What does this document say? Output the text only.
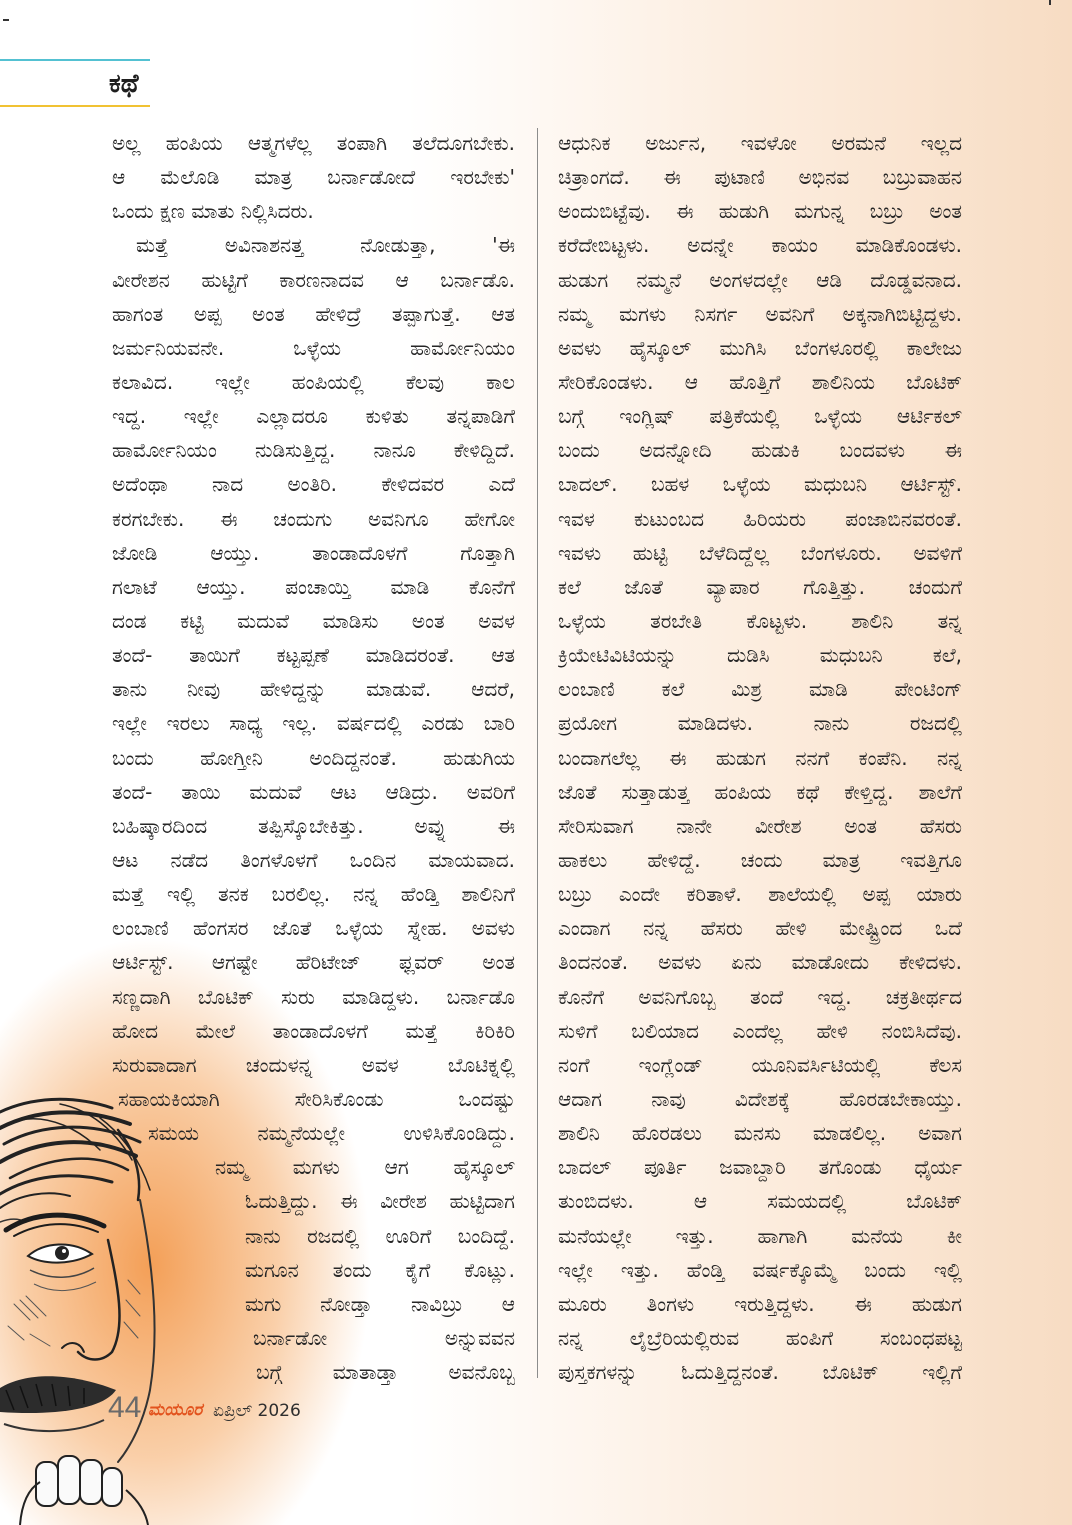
ಕಥೆ
ಅಲ್ಲ ಹಂಪಿಯ ಆತ್ಮಗಳೆಲ್ಲ ತಂಪಾಗಿ ತಲೆದೂಗಬೇಕು.
ಆ ಮೆಲೊಡಿ ಮಾತ್ರ ಬರ್ನಾಡೋದೆ ಇರಬೇಕು'
ಒಂದು ಕ್ಷಣ ಮಾತು ನಿಲ್ಲಿಸಿದರು.
ಮತ್ತೆ ಅವಿನಾಶನತ್ತ ನೋಡುತ್ತಾ, 'ಈ
ವೀರೇಶನ ಹುಟ್ಟಿಗೆ ಕಾರಣನಾದವ ಆ ಬರ್ನಾಡೊ.
ಹಾಗಂತ ಅಪ್ಪ ಅಂತ ಹೇಳಿದ್ರೆ ತಪ್ಪಾಗುತ್ತೆ. ಆತ
ಜರ್ಮನಿಯವನೇ. ಒಳ್ಳೆಯ ಹಾರ್ಮೋನಿಯಂ
ಕಲಾವಿದ. ಇಲ್ಲೇ ಹಂಪಿಯಲ್ಲಿ ಕೆಲವು ಕಾಲ
ಇದ್ದ. ಇಲ್ಲೇ ಎಲ್ಲಾದರೂ ಕುಳಿತು ತನ್ನಪಾಡಿಗೆ
ಹಾರ್ಮೋನಿಯಂ ನುಡಿಸುತ್ತಿದ್ದ. ನಾನೂ ಕೇಳಿದ್ದಿದೆ.
ಅದೆಂಥಾ ನಾದ ಅಂತಿರಿ. ಕೇಳಿದವರ ಎದೆ
ಕರಗಬೇಕು. ಈ ಚಂದುಗು ಅವನಿಗೂ ಹೇಗೋ
ಜೋಡಿ ಆಯ್ತು. ತಾಂಡಾದೊಳಗೆ ಗೊತ್ತಾಗಿ
ಗಲಾಟೆ ಆಯ್ತು. ಪಂಚಾಯ್ತಿ ಮಾಡಿ ಕೊನೆಗೆ
ದಂಡ ಕಟ್ಟಿ ಮದುವೆ ಮಾಡಿಸು ಅಂತ ಅವಳ
ತಂದೆ- ತಾಯಿಗೆ ಕಟ್ಟಪ್ಪಣೆ ಮಾಡಿದರಂತೆ. ಆತ
ತಾನು ನೀವು ಹೇಳಿದ್ದನ್ನು ಮಾಡುವೆ. ಆದರೆ,
ಇಲ್ಲೇ ಇರಲು ಸಾಧ್ಯ ಇಲ್ಲ. ವರ್ಷದಲ್ಲಿ ಎರಡು ಬಾರಿ
ಬಂದು ಹೋಗ್ತೀನಿ ಅಂದಿದ್ದನಂತೆ. ಹುಡುಗಿಯ
ತಂದೆ- ತಾಯಿ ಮದುವೆ ಆಟ ಆಡಿದ್ರು. ಅವರಿಗೆ
ಬಹಿಷ್ಕಾರದಿಂದ ತಪ್ಪಿಸ್ಕೊಬೇಕಿತ್ತು. ಅವ್ನು ಈ
ಆಟ ನಡೆದ ತಿಂಗಳೊಳಗೆ ಒಂದಿನ ಮಾಯವಾದ.
ಮತ್ತೆ ಇಲ್ಲಿ ತನಕ ಬರಲಿಲ್ಲ. ನನ್ನ ಹೆಂಡ್ತಿ ಶಾಲಿನಿಗೆ
ಲಂಬಾಣಿ ಹೆಂಗಸರ ಜೊತೆ ಒಳ್ಳೆಯ ಸ್ನೇಹ. ಅವಳು
ಆರ್ಟಿಸ್ಟ್. ಆಗಷ್ಟೇ ಹೆರಿಟೇಜ್ ಫ್ಲವರ್ ಅಂತ
ಸಣ್ಣದಾಗಿ ಬೊಟಿಕ್ ಸುರು ಮಾಡಿದ್ದಳು. ಬರ್ನಾಡೊ
ಹೋದ ಮೇಲೆ ತಾಂಡಾದೊಳಗೆ ಮತ್ತೆ ಕಿರಿಕಿರಿ
ಸುರುವಾದಾಗ ಚಂದುಳನ್ನ ಅವಳ ಬೊಟಿಕ್ನಲ್ಲಿ
ಸಹಾಯಕಿಯಾಗಿ ಸೇರಿಸಿಕೊಂಡು ಒಂದಷ್ಟು
ಸಮಯ ನಮ್ಮನೆಯಲ್ಲೇ ಉಳಿಸಿಕೊಂಡಿದ್ದು.
ನಮ್ಮ ಮಗಳು ಆಗ ಹೈಸ್ಕೂಲ್
ಓದುತ್ತಿದ್ದು. ಈ ವೀರೇಶ ಹುಟ್ಟಿದಾಗ
ನಾನು ರಜದಲ್ಲಿ ಊರಿಗೆ ಬಂದಿದ್ದೆ.
ಮಗೂನ ತಂದು ಕೈಗೆ ಕೊಟ್ಲು.
ಮಗು ನೋಡ್ತಾ ನಾವಿಬ್ರು ಆ
ಬರ್ನಾಡೋ ಅನ್ನುವವನ
ಬಗ್ಗೆ ಮಾತಾಡ್ತಾ ಅವನೊಬ್ಬ
ಆಧುನಿಕ ಅರ್ಜುನ, ಇವಳೋ ಅರಮನೆ ಇಲ್ಲದ
ಚಿತ್ರಾಂಗದೆ. ಈ ಪುಟಾಣಿ ಅಭಿನವ ಬಬ್ರುವಾಹನ
ಅಂದುಬಿಟ್ಟೆವು. ಈ ಹುಡುಗಿ ಮಗುನ್ನ ಬಬ್ರು ಅಂತ
ಕರೆದೇಬಿಟ್ಟಳು. ಅದನ್ನೇ ಕಾಯಂ ಮಾಡಿಕೊಂಡಳು.
ಹುಡುಗ ನಮ್ಮನೆ ಅಂಗಳದಲ್ಲೇ ಆಡಿ ದೊಡ್ಡವನಾದ.
ನಮ್ಮ ಮಗಳು ನಿಸರ್ಗ ಅವನಿಗೆ ಅಕ್ಕನಾಗಿಬಿಟ್ಟಿದ್ದಳು.
ಅವಳು ಹೈಸ್ಕೂಲ್ ಮುಗಿಸಿ ಬೆಂಗಳೂರಲ್ಲಿ ಕಾಲೇಜು
ಸೇರಿಕೊಂಡಳು. ಆ ಹೊತ್ತಿಗೆ ಶಾಲಿನಿಯ ಬೊಟಿಕ್
ಬಗ್ಗೆ ಇಂಗ್ಲಿಷ್ ಪತ್ರಿಕೆಯಲ್ಲಿ ಒಳ್ಳೆಯ ಆರ್ಟಿಕಲ್
ಬಂದು ಅದನ್ನೋದಿ ಹುಡುಕಿ ಬಂದವಳು ಈ
ಬಾದಲ್. ಬಹಳ ಒಳ್ಳೆಯ ಮಧುಬನಿ ಆರ್ಟಿಸ್ಟ್.
ಇವಳ ಕುಟುಂಬದ ಹಿರಿಯರು ಪಂಜಾಬಿನವರಂತೆ.
ಇವಳು ಹುಟ್ಟಿ ಬೆಳೆದಿದ್ದೆಲ್ಲ ಬೆಂಗಳೂರು. ಅವಳಿಗೆ
ಕಲೆ ಜೊತೆ ವ್ಯಾಪಾರ ಗೊತ್ತಿತ್ತು. ಚಂದುಗೆ
ಒಳ್ಳೆಯ ತರಬೇತಿ ಕೊಟ್ಟಳು. ಶಾಲಿನಿ ತನ್ನ
ಕ್ರಿಯೇಟಿವಿಟಿಯನ್ನು ದುಡಿಸಿ ಮಧುಬನಿ ಕಲೆ,
ಲಂಬಾಣಿ ಕಲೆ ಮಿಶ್ರ ಮಾಡಿ ಪೇಂಟಿಂಗ್
ಪ್ರಯೋಗ ಮಾಡಿದಳು. ನಾನು ರಜದಲ್ಲಿ
ಬಂದಾಗಲೆಲ್ಲ ಈ ಹುಡುಗ ನನಗೆ ಕಂಪೆನಿ. ನನ್ನ
ಜೊತೆ ಸುತ್ತಾಡುತ್ತ ಹಂಪಿಯ ಕಥೆ ಕೇಳ್ತಿದ್ದ. ಶಾಲೆಗೆ
ಸೇರಿಸುವಾಗ ನಾನೇ ವೀರೇಶ ಅಂತ ಹೆಸರು
ಹಾಕಲು ಹೇಳಿದ್ದೆ. ಚಂದು ಮಾತ್ರ ಇವತ್ತಿಗೂ
ಬಬ್ರು ಎಂದೇ ಕರಿತಾಳೆ. ಶಾಲೆಯಲ್ಲಿ ಅಪ್ಪ ಯಾರು
ಎಂದಾಗ ನನ್ನ ಹೆಸರು ಹೇಳಿ ಮೇಷ್ಟ್ರಿಂದ ಒದೆ
ತಿಂದನಂತೆ. ಅವಳು ಏನು ಮಾಡೋದು ಕೇಳಿದಳು.
ಕೊನೆಗೆ ಅವನಿಗೊಬ್ಬ ತಂದೆ ಇದ್ದ. ಚಕ್ರತೀರ್ಥದ
ಸುಳಿಗೆ ಬಲಿಯಾದ ಎಂದೆಲ್ಲ ಹೇಳಿ ನಂಬಿಸಿದೆವು.
ನಂಗೆ ಇಂಗ್ಲೆಂಡ್ ಯೂನಿವರ್ಸಿಟಿಯಲ್ಲಿ ಕೆಲಸ
ಆದಾಗ ನಾವು ವಿದೇಶಕ್ಕೆ ಹೊರಡಬೇಕಾಯ್ತು.
ಶಾಲಿನಿ ಹೊರಡಲು ಮನಸು ಮಾಡಲಿಲ್ಲ. ಅವಾಗ
ಬಾದಲ್ ಪೂರ್ತಿ ಜವಾಬ್ದಾರಿ ತಗೊಂಡು ಧೈರ್ಯ
ತುಂಬಿದಳು. ಆ ಸಮಯದಲ್ಲಿ ಬೊಟಿಕ್
ಮನೆಯಲ್ಲೇ ಇತ್ತು. ಹಾಗಾಗಿ ಮನೆಯ ಕೀ
ಇಲ್ಲೇ ಇತ್ತು. ಹೆಂಡ್ತಿ ವರ್ಷಕ್ಕೊಮ್ಮೆ ಬಂದು ಇಲ್ಲಿ
ಮೂರು ತಿಂಗಳು ಇರುತ್ತಿದ್ದಳು. ಈ ಹುಡುಗ
ನನ್ನ ಲೈಬ್ರೆರಿಯಲ್ಲಿರುವ ಹಂಪಿಗೆ ಸಂಬಂಧಪಟ್ಟ
ಪುಸ್ತಕಗಳನ್ನು ಓದುತ್ತಿದ್ದನಂತೆ. ಬೊಟಿಕ್ ಇಲ್ಲಿಗೆ
44 ಮಯೂರ ಏಪ್ರಿಲ್ 2026
